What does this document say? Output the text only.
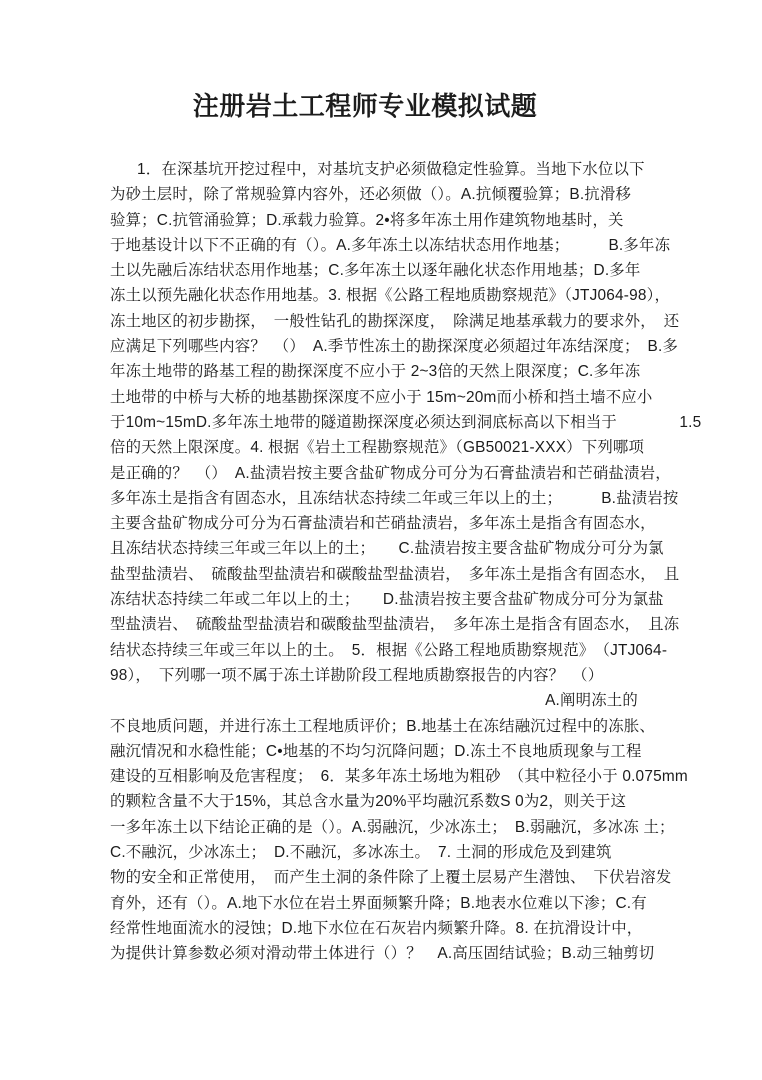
注册岩土工程师专业模拟试题
1．在深基坑开挖过程中，对基坑支护必须做稳定性验算。当地下水位以下
为砂土层时，除了常规验算内容外，还必须做（）。A.抗倾覆验算；B.抗滑移
验算；C.抗管涌验算；D.承载力验算。2•将多年冻土用作建筑物地基时，关
于地基设计以下不正确的有（）。A.多年冻土以冻结状态用作地基；　　　B.多年冻
土以先融后冻结状态用作地基；C.多年冻土以逐年融化状态作用地基；D.多年
冻土以预先融化状态作用地基。3. 根据《公路工程地质勘察规范》（JTJ064-98），
冻土地区的初步勘探，　一般性钻孔的勘探深度，　除满足地基承载力的要求外，　还
应满足下列哪些内容？　（）　A.季节性冻土的勘探深度必须超过年冻结深度；　B.多
年冻土地带的路基工程的勘探深度不应小于 2~3倍的天然上限深度；C.多年冻
土地带的中桥与大桥的地基勘探深度不应小于 15m~20m而小桥和挡土墙不应小
于10m~15mD.多年冻土地带的隧道勘探深度必须达到洞底标高以下相当于　　　　1.5
倍的天然上限深度。4. 根据《岩土工程勘察规范》（GB50021-XXX）下列哪项
是正确的？　（）　A.盐渍岩按主要含盐矿物成分可分为石膏盐渍岩和芒硝盐渍岩，
多年冻土是指含有固态水，且冻结状态持续二年或三年以上的土；　　　B.盐渍岩按
主要含盐矿物成分可分为石膏盐渍岩和芒硝盐渍岩，多年冻土是指含有固态水，
且冻结状态持续三年或三年以上的土；　　C.盐渍岩按主要含盐矿物成分可分为氯
盐型盐渍岩、　硫酸盐型盐渍岩和碳酸盐型盐渍岩，　多年冻土是指含有固态水，　且
冻结状态持续二年或二年以上的土；　　D.盐渍岩按主要含盐矿物成分可分为氯盐
型盐渍岩、　硫酸盐型盐渍岩和碳酸盐型盐渍岩，　多年冻土是指含有固态水，　且冻
结状态持续三年或三年以上的土。　5．根据《公路工程地质勘察规范》　（JTJ064-
98），　下列哪一项不属于冻土详勘阶段工程地质勘察报告的内容？　（）
A.阐明冻土的
不良地质问题，并进行冻土工程地质评价；B.地基土在冻结融沉过程中的冻胀、
融沉情况和水稳性能；C•地基的不均匀沉降问题；D.冻土不良地质现象与工程
建设的互相影响及危害程度；　6．某多年冻土场地为粗砂　（其中粒径小于 0.075mm
的颗粒含量不大于15%，其总含水量为20%平均融沉系数S 0为2，则关于这
一多年冻土以下结论正确的是（）。A.弱融沉，少冰冻土；　B.弱融沉，多冰冻 土；
C.不融沉，少冰冻土；　D.不融沉，多冰冻土。　7. 土洞的形成危及到建筑
物的安全和正常使用，　而产生土洞的条件除了上覆土层易产生潜蚀、　下伏岩溶发
育外，还有（）。A.地下水位在岩土界面频繁升降；B.地表水位难以下渗；C.有
经常性地面流水的浸蚀；D.地下水位在石灰岩内频繁升降。8. 在抗滑设计中，
为提供计算参数必须对滑动带土体进行（）？　A.高压固结试验；B.动三轴剪切
